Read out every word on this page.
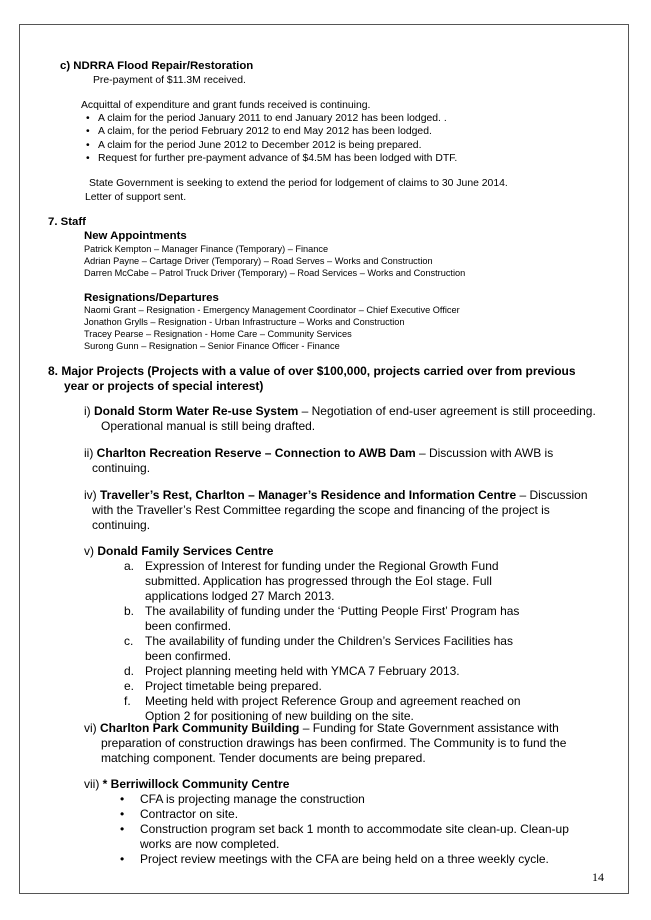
c) NDRRA Flood Repair/Restoration
Pre-payment of $11.3M received.
Acquittal of expenditure and grant funds received is continuing.
• A claim for the period January 2011 to end January 2012 has been lodged. .
• A claim, for the period February 2012 to end May 2012 has been lodged.
• A claim for the period June 2012 to December 2012 is being prepared.
• Request for further pre-payment advance of $4.5M has been lodged with DTF.
State Government is seeking to extend the period for lodgement of claims to 30 June 2014.
Letter of support sent.
7. Staff
New Appointments
Patrick Kempton – Manager Finance (Temporary) – Finance
Adrian Payne – Cartage Driver (Temporary) – Road Serves – Works and Construction
Darren McCabe – Patrol Truck Driver (Temporary) – Road Services – Works and Construction
Resignations/Departures
Naomi Grant – Resignation - Emergency Management Coordinator – Chief Executive Officer
Jonathon Grylls – Resignation - Urban Infrastructure – Works and Construction
Tracey Pearse – Resignation - Home Care – Community Services
Surong Gunn – Resignation – Senior Finance Officer - Finance
8. Major Projects (Projects with a value of over $100,000, projects carried over from previous
year or projects of special interest)
i) Donald Storm Water Re-use System – Negotiation of end-user agreement is still proceeding.
Operational manual is still being drafted.
ii) Charlton Recreation Reserve – Connection to AWB Dam – Discussion with AWB is
continuing.
iv) Traveller’s Rest, Charlton – Manager’s Residence and Information Centre – Discussion
with the Traveller’s Rest Committee regarding the scope and financing of the project is
continuing.
v) Donald Family Services Centre
a. Expression of Interest for funding under the Regional Growth Fund
submitted. Application has progressed through the EoI stage. Full
applications lodged 27 March 2013.
b. The availability of funding under the ‘Putting People First’ Program has
been confirmed.
c. The availability of funding under the Children’s Services Facilities has
been confirmed.
d. Project planning meeting held with YMCA 7 February 2013.
e. Project timetable being prepared.
f. Meeting held with project Reference Group and agreement reached on
Option 2 for positioning of new building on the site.
vi) Charlton Park Community Building – Funding for State Government assistance with
preparation of construction drawings has been confirmed. The Community is to fund the
matching component. Tender documents are being prepared.
vii) * Berriwillock Community Centre
• CFA is projecting manage the construction
• Contractor on site.
• Construction program set back 1 month to accommodate site clean-up. Clean-up
works are now completed.
• Project review meetings with the CFA are being held on a three weekly cycle.
14
